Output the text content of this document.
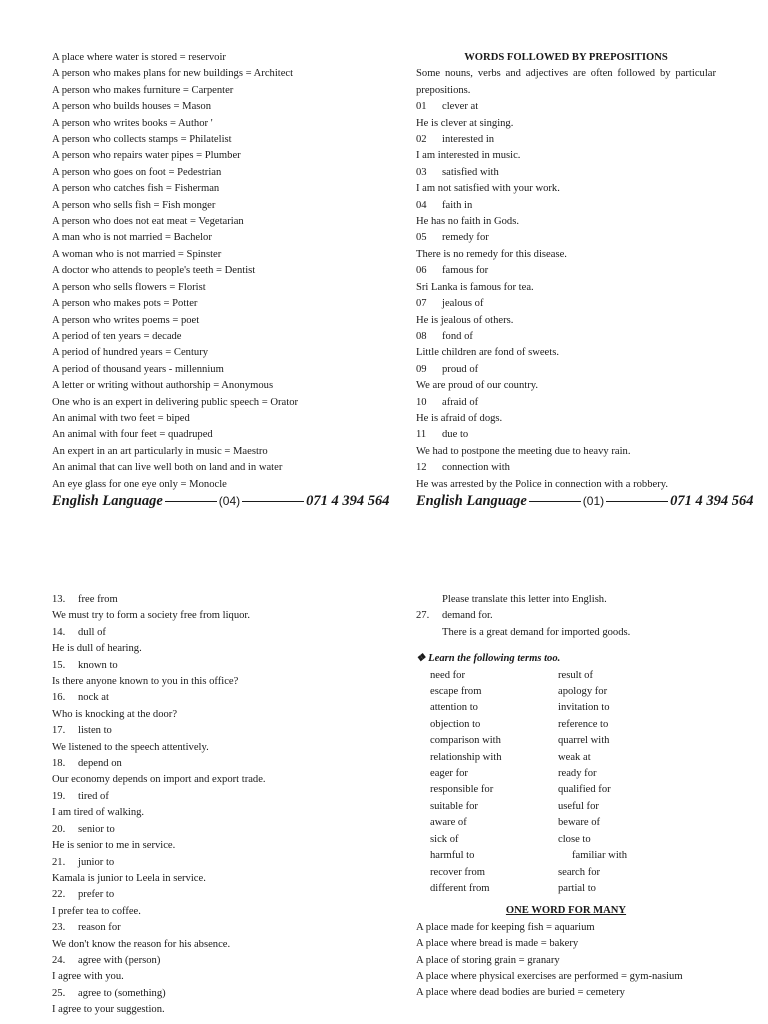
A place where water is stored = reservoir

A person who makes plans for new buildings = Architect

A person who makes furniture = Carpenter

A person who builds houses = Mason

A person who writes books = Author '

A person who collects stamps = Philatelist

A person who repairs water pipes = Plumber

A person who goes on foot = Pedestrian

A person who catches fish = Fisherman

A person who sells fish = Fish monger

A person who does not eat meat = Vegetarian

A man who is not married = Bachelor

A woman who is not married = Spinster

A doctor who attends to people's teeth = Dentist

A person who sells flowers = Florist

A person who makes pots = Potter

A person who writes poems = poet

A period of ten years = decade

A period of hundred years = Century

A period of thousand years - millennium

A letter or writing without authorship = Anonymous

One who is an expert in delivering public speech = Orator

An animal with two feet = biped

An animal with four feet = quadruped

An expert in an art particularly in music = Maestro

An animal that can live well both on land and in water

An eye glass for one eye only = Monocle

English Language	(04)	071 4 394 564

WORDS FOLLOWED BY PREPOSITIONS

Some nouns, verbs and adjectives are often followed by particular prepositions.

01	clever at

He is clever at singing.

02	interested in

I am interested in music.

03	satisfied with

I am not satisfied with your work.

04	faith in

He has no faith in Gods.

05	remedy for

There is no remedy for this disease.

06	famous for

Sri Lanka is famous for tea.

07	jealous of

He is jealous of others.

08	fond of

Little children are fond of sweets.

09	proud of

We are proud of our country.

10	afraid of

He is afraid of dogs.

11	due to

We had to postpone the meeting due to heavy rain.

12	connection with

He was arrested by the Police in connection with a robbery.

English Language	(01)	071 4 394 564
13.	free from

We must try to form a society free from liquor.

14.	dull of

He is dull of hearing.

15.	known to

Is there anyone known to you in this office?

16.	nock at

Who is knocking at the door?

17.	listen to

We listened to the speech attentively.

18.	depend on

Our economy depends on import and export trade.

19.	tired of

I am tired of walking.

20.	senior to

He is senior to me in service.

21.	junior to

Kamala is junior to Leela in service.

22.	prefer to

I prefer tea to coffee.

23.	reason for

We don't know the reason for his absence.

24.	agree with (person)

I agree with you.

25.	agree to (something)

I agree to your suggestion.

Please translate this letter into English.

27.	demand for.

There is a great demand for imported goods.

❖ Learn the following terms too.

need for
escape from
attention to
objection to
comparison with
relationship with
eager for
responsible for
suitable for
aware of
sick of
harmful to
recover from
different from
result of
apology for
invitation to
reference to
quarrel with
weak at
ready for
qualified for
useful for
beware of
close to
familiar with
search for
partial to

ONE WORD FOR MANY

A place made for keeping fish = aquarium

A place where bread is made = bakery

A place of storing grain = granary

A place where physical exercises are performed = gym-nasium

A place where dead bodies are buried = cemetery
